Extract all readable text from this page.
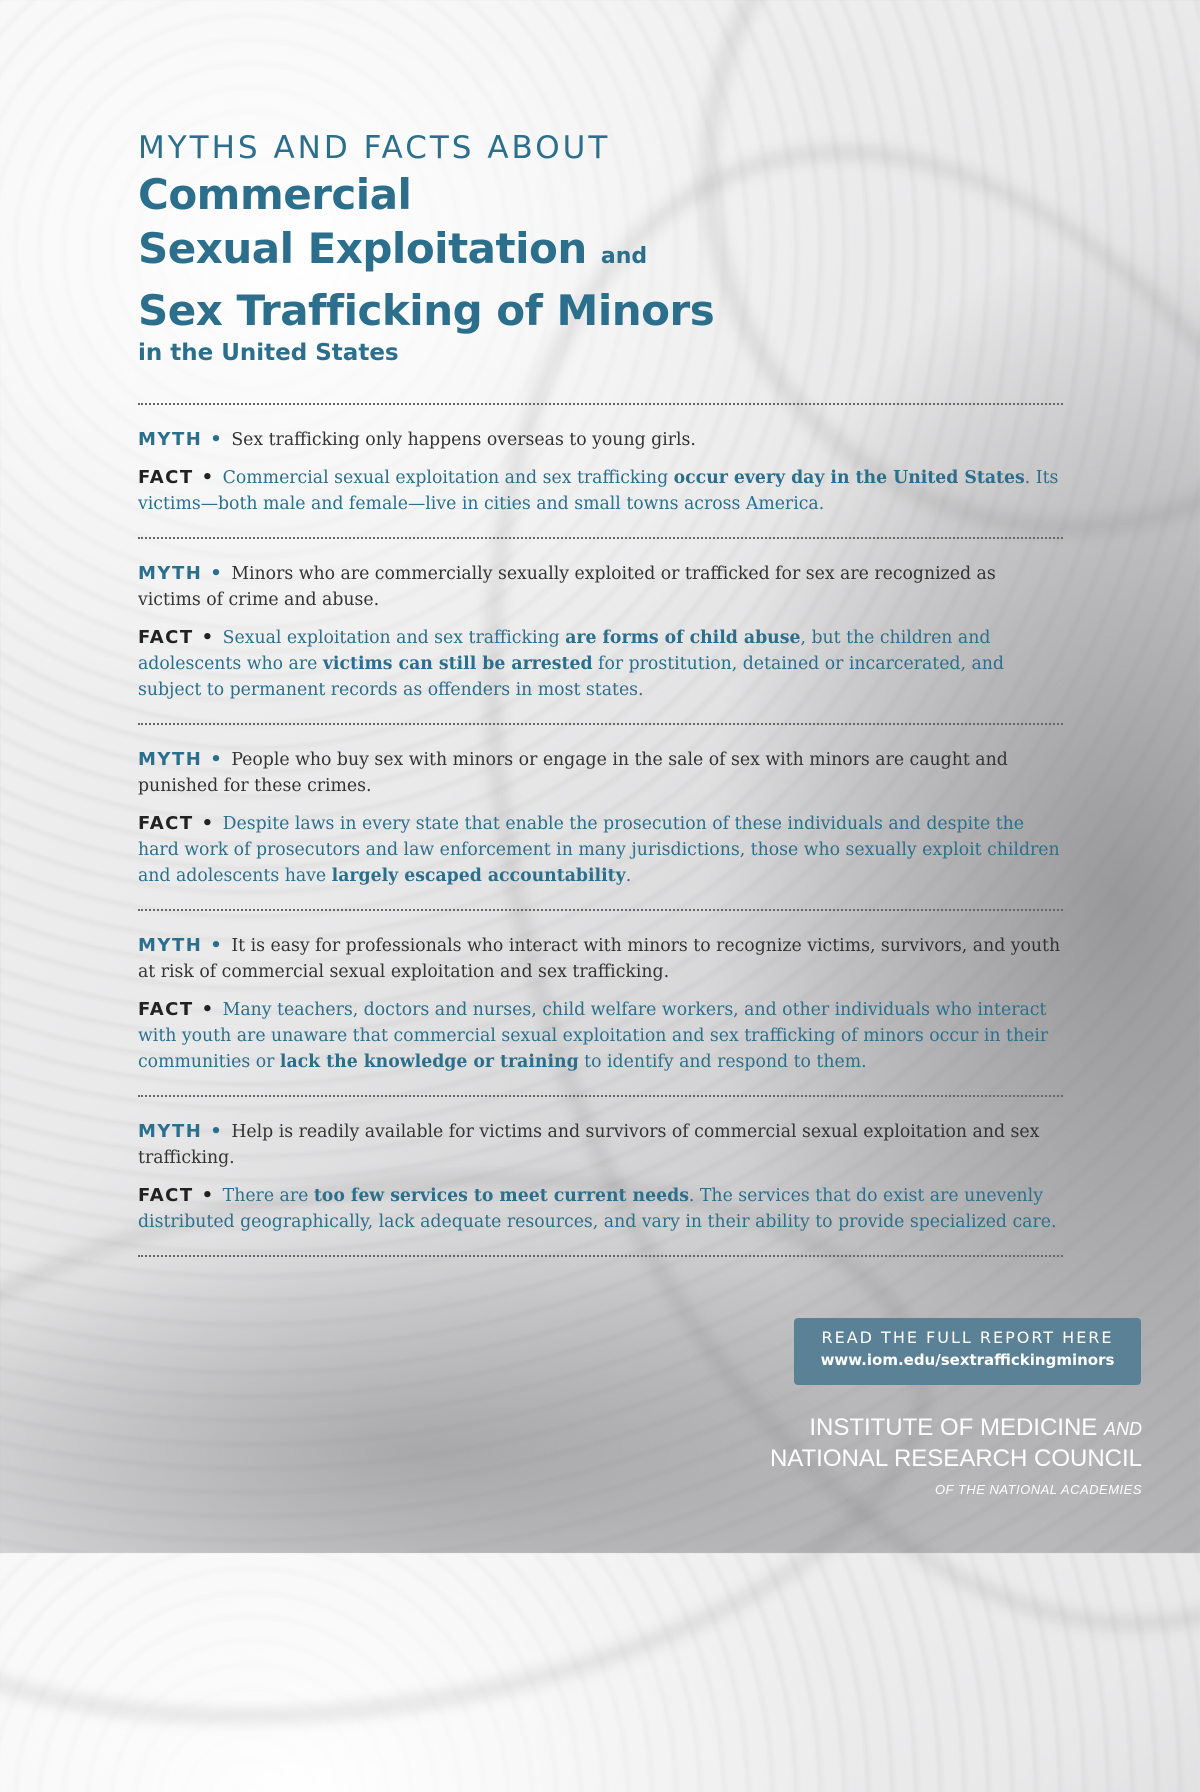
MYTHS AND FACTS ABOUT

Commercial

Sexual Exploitation and

Sex Trafficking of Minors

in the United States

MYTH • Sex trafficking only happens overseas to young girls.

FACT • Commercial sexual exploitation and sex trafficking occur every day in the United States. Its victims—both male and female—live in cities and small towns across America.

MYTH • Minors who are commercially sexually exploited or trafficked for sex are recognized as victims of crime and abuse.

FACT • Sexual exploitation and sex trafficking are forms of child abuse, but the children and adolescents who are victims can still be arrested for prostitution, detained or incarcerated, and subject to permanent records as offenders in most states.

MYTH • People who buy sex with minors or engage in the sale of sex with minors are caught and punished for these crimes.

FACT • Despite laws in every state that enable the prosecution of these individuals and despite the hard work of prosecutors and law enforcement in many jurisdictions, those who sexually exploit children and adolescents have largely escaped accountability.

MYTH • It is easy for professionals who interact with minors to recognize victims, survivors, and youth at risk of commercial sexual exploitation and sex trafficking.

FACT • Many teachers, doctors and nurses, child welfare workers, and other individuals who interact with youth are unaware that commercial sexual exploitation and sex trafficking of minors occur in their communities or lack the knowledge or training to identify and respond to them.

MYTH • Help is readily available for victims and survivors of commercial sexual exploitation and sex trafficking.

FACT • There are too few services to meet current needs. The services that do exist are unevenly distributed geographically, lack adequate resources, and vary in their ability to provide specialized care.

READ THE FULL REPORT HERE
www.iom.edu/sextraffickingminors
INSTITUTE OF MEDICINE AND
NATIONAL RESEARCH COUNCIL
OF THE NATIONAL ACADEMIES
